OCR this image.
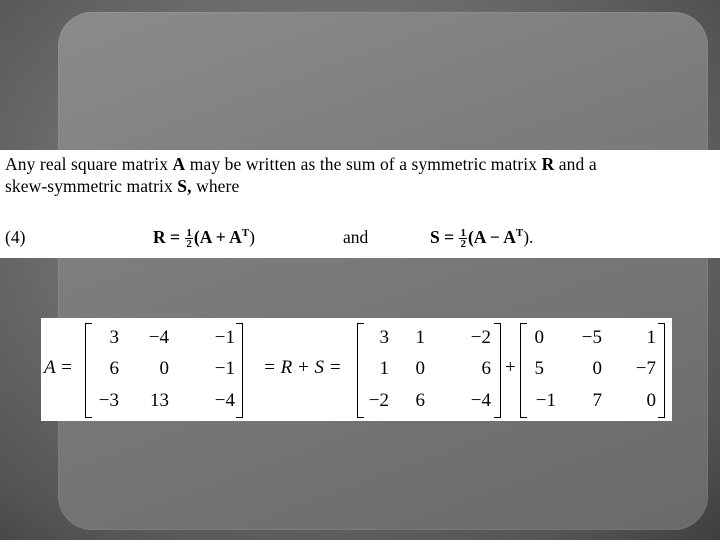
Any real square matrix A may be written as the sum of a symmetric matrix R and a
skew-symmetric matrix S, where
(4)	$R = \frac{1}{2} (A + A^T)$	and	$S = \frac{1}{2} (A - A^T)$.
A =
3	−4	−1
6	0	−1
−3	13	−4
= R + S =
3	1	−2
1	0	6
−2	6	−4
+
0	−5	1
5	0	−7
−1	7	0
